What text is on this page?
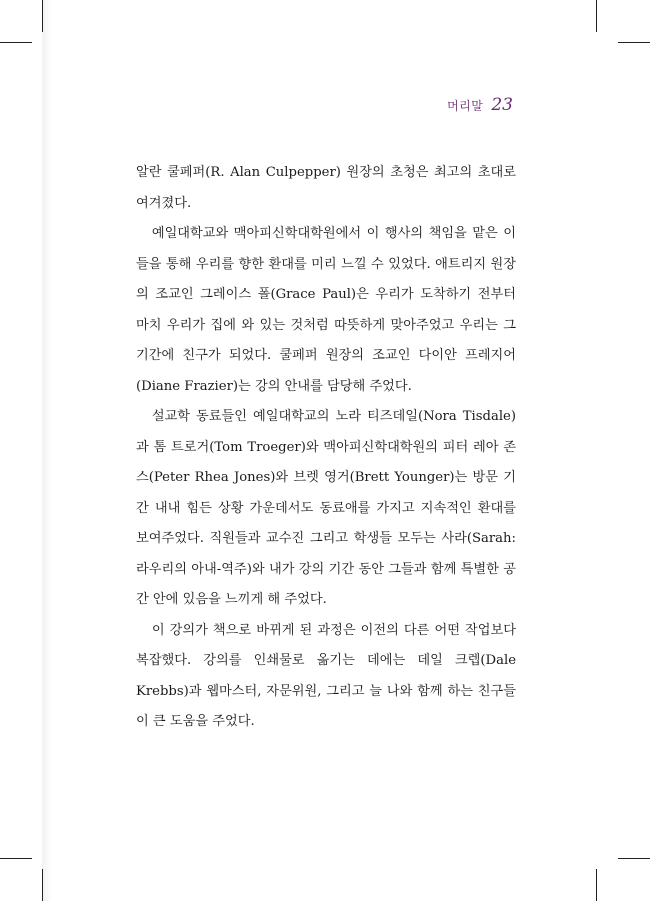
머리말 23

알란 쿨페퍼(R. Alan Culpepper) 원장의 초청은 최고의 초대로 여겨졌다.

예일대학교와 맥아피신학대학원에서 이 행사의 책임을 맡은 이들을 통해 우리를 향한 환대를 미리 느낄 수 있었다. 애트리지 원장의 조교인 그레이스 폴(Grace Paul)은 우리가 도착하기 전부터 마치 우리가 집에 와 있는 것처럼 따뜻하게 맞아주었고 우리는 그 기간에 친구가 되었다. 쿨페퍼 원장의 조교인 다이안 프레지어(Diane Frazier)는 강의 안내를 담당해 주었다.

설교학 동료들인 예일대학교의 노라 티즈데일(Nora Tisdale)과 톰 트로거(Tom Troeger)와 맥아피신학대학원의 피터 레아 존스(Peter Rhea Jones)와 브렛 영거(Brett Younger)는 방문 기간 내내 힘든 상황 가운데서도 동료애를 가지고 지속적인 환대를 보여주었다. 직원들과 교수진 그리고 학생들 모두는 사라(Sarah: 라우리의 아내-역주)와 내가 강의 기간 동안 그들과 함께 특별한 공간 안에 있음을 느끼게 해 주었다.

이 강의가 책으로 바뀌게 된 과정은 이전의 다른 어떤 작업보다 복잡했다. 강의를 인쇄물로 옮기는 데에는 데일 크렙(Dale Krebbs)과 웹마스터, 자문위원, 그리고 늘 나와 함께 하는 친구들이 큰 도움을 주었다.
